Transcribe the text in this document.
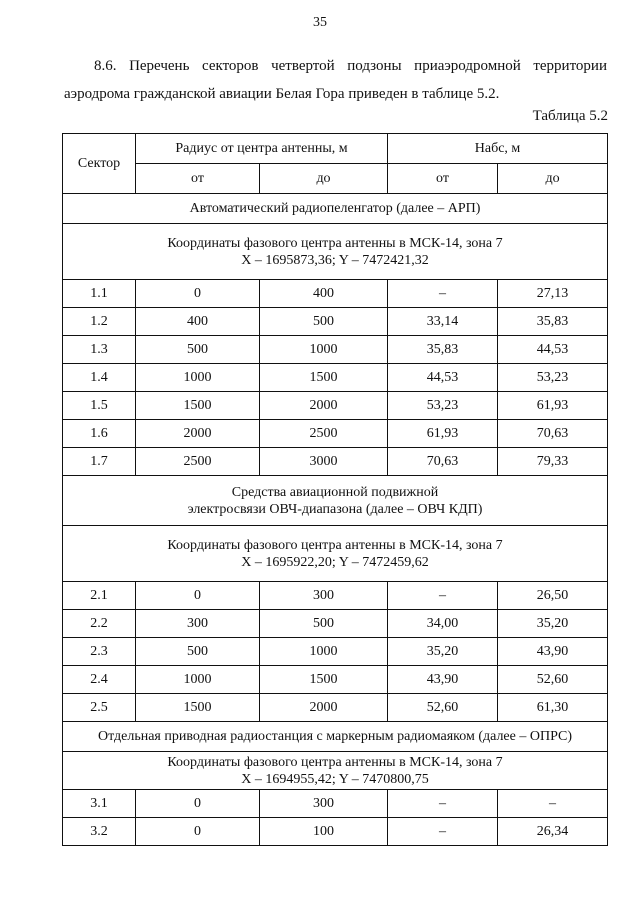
35
8.6. Перечень секторов четвертой подзоны приаэродромной территории
аэродрома гражданской авиации Белая Гора приведен в таблице 5.2.
Таблица 5.2
Сектор	Радиус от центра антенны, м		Нaбс, м	
	от	до	от	до

Автоматический радиопеленгатор (далее – АРП)				

Координаты фазового центра антенны в МСК-14, зона 7
X – 1695873,36; Y – 7472421,32				

1.1	0	400	–	27,13
1.2	400	500	33,14	35,83
1.3	500	1000	35,83	44,53
1.4	1000	1500	44,53	53,23
1.5	1500	2000	53,23	61,93
1.6	2000	2500	61,93	70,63
1.7	2500	3000	70,63	79,33

Средства авиационной подвижной
электросвязи ОВЧ-диапазона (далее – ОВЧ КДП)				

Координаты фазового центра антенны в МСК-14, зона 7
X – 1695922,20; Y – 7472459,62				

2.1	0	300	–	26,50
2.2	300	500	34,00	35,20
2.3	500	1000	35,20	43,90
2.4	1000	1500	43,90	52,60
2.5	1500	2000	52,60	61,30

Отдельная приводная радиостанция с маркерным радиомаяком (далее – ОПРС)				

Координаты фазового центра антенны в МСК-14, зона 7
X – 1694955,42; Y – 7470800,75				

3.1	0	300	–	–
3.2	0	100	–	26,34
